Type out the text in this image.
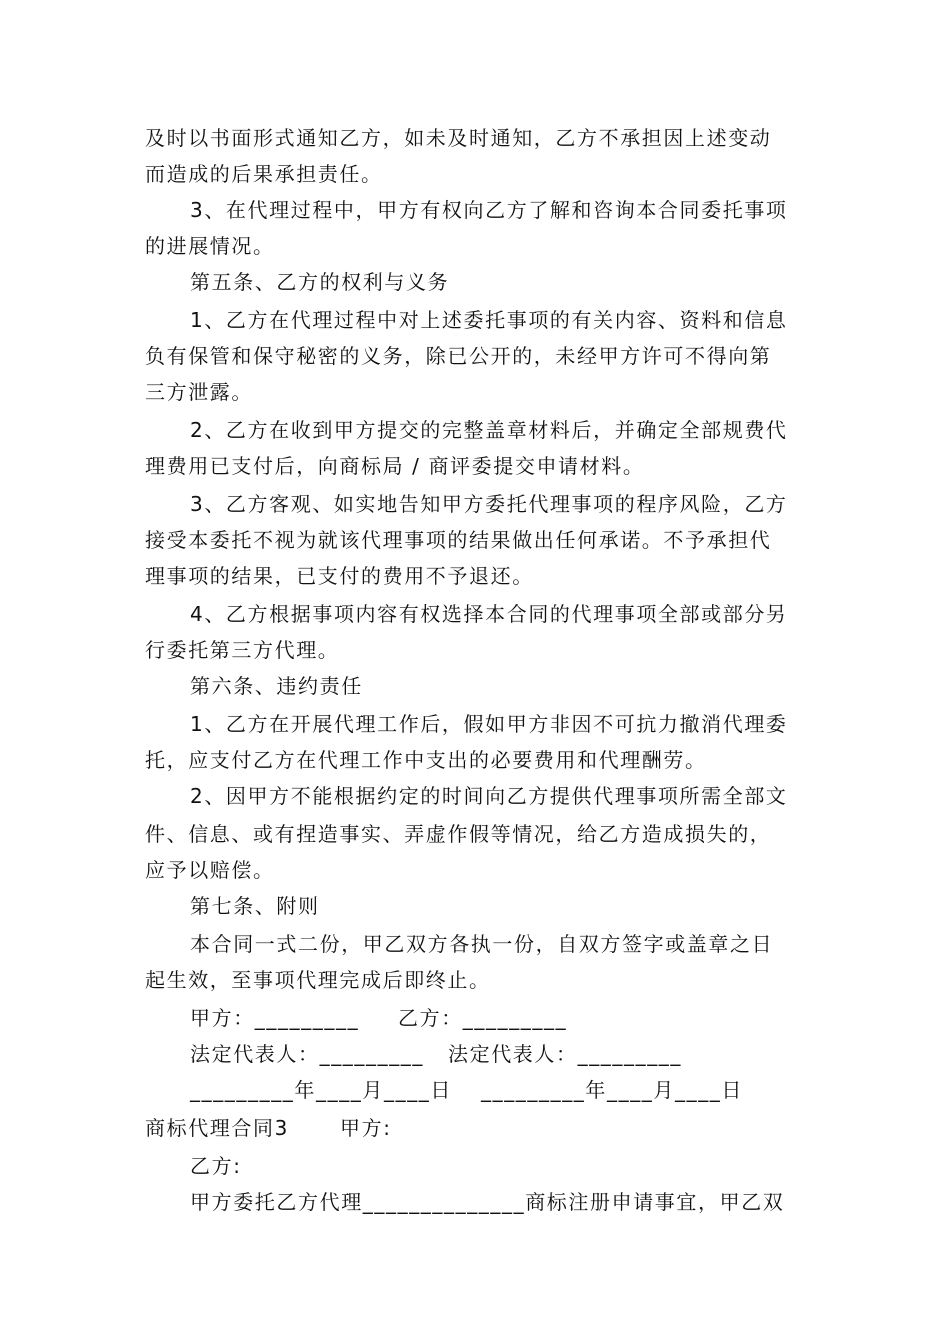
及时以书面形式通知乙方，如未及时通知，乙方不承担因上述变动
而造成的后果承担责任。
3、在代理过程中，甲方有权向乙方了解和咨询本合同委托事项
的进展情况。
第五条、乙方的权利与义务
1、乙方在代理过程中对上述委托事项的有关内容、资料和信息
负有保管和保守秘密的义务，除已公开的，未经甲方许可不得向第
三方泄露。
2、乙方在收到甲方提交的完整盖章材料后，并确定全部规费代
理费用已支付后，向商标局 / 商评委提交申请材料。
3、乙方客观、如实地告知甲方委托代理事项的程序风险，乙方
接受本委托不视为就该代理事项的结果做出任何承诺。不予承担代
理事项的结果，已支付的费用不予退还。
4、乙方根据事项内容有权选择本合同的代理事项全部或部分另
行委托第三方代理。
第六条、违约责任
1、乙方在开展代理工作后，假如甲方非因不可抗力撤消代理委
托，应支付乙方在代理工作中支出的必要费用和代理酬劳。
2、因甲方不能根据约定的时间向乙方提供代理事项所需全部文
件、信息、或有捏造事实、弄虚作假等情况，给乙方造成损失的，
应予以赔偿。
第七条、附则
本合同一式二份，甲乙双方各执一份，自双方签字或盖章之日
起生效，至事项代理完成后即终止。
甲方：_________ 乙方：_________
法定代表人：_________ 法定代表人：_________
_________年____月____日 _________年____月____日
商标代理合同3	甲方:
乙方:
甲方委托乙方代理______________商标注册申请事宜，甲乙双
